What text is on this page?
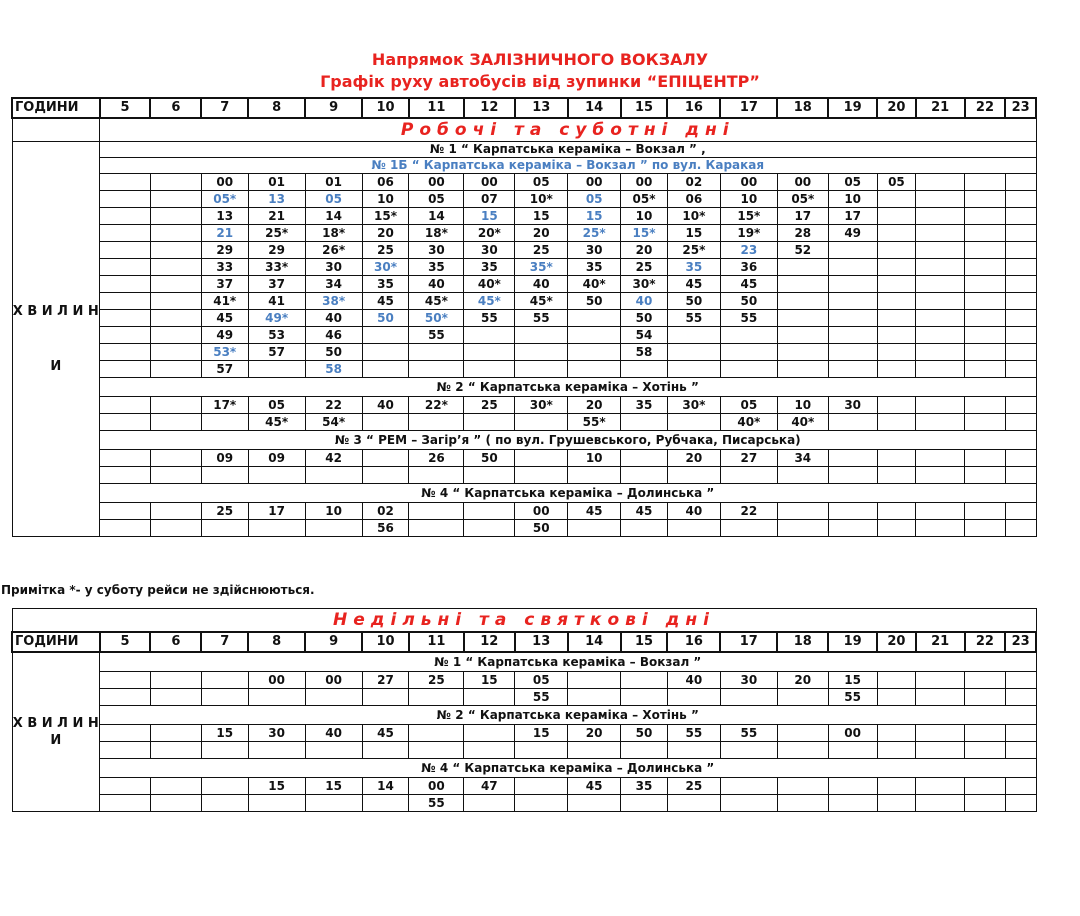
Напрямок ЗАЛІЗНИЧНОГО ВОКЗАЛУ
Графік руху автобусів від зупинки “ЕПІЦЕНТР”
ГОДИНИ	5	6	7	8	9	10	11	12	13	14	15	16	17	18	19	20	21	22	23
	Робочі та суботні дні																		
Х В И Л И Н И	№ 1 “ Карпатська кераміка – Вокзал ” ,																		
	№ 1Б “ Карпатська кераміка – Вокзал ” по вул. Каракая																		
			00	01	01	06	00	00	05	00	00	02	00	00	05	05			
			05*	13	05	10	05	07	10*	05	05*	06	10	05*	10				
			13	21	14	15*	14	15	15	15	10	10*	15*	17	17				
			21	25*	18*	20	18*	20*	20	25*	15*	15	19*	28	49				
			29	29	26*	25	30	30	25	30	20	25*	23	52					
			33	33*	30	30*	35	35	35*	35	25	35	36						
			37	37	34	35	40	40*	40	40*	30*	45	45						
			41*	41	38*	45	45*	45*	45*	50	40	50	50						
			45	49*	40	50	50*	55	55		50	55	55						
			49	53	46		55				54								
			53*	57	50						58								
			57		58														
	№ 2 “ Карпатська кераміка – Хотінь ”																		
			17*	05	22	40	22*	25	30*	20	35	30*	05	10	30				
				45*	54*					55*			40*	40*					
	№ 3 “ РЕМ – Загір’я ” ( по вул. Грушевського, Рубчака, Писарська)																		
			09	09	42		26	50		10		20	27	34					

	№ 4 “ Карпатська кераміка – Долинська ”																		
			25	17	10	02			00	45	45	40	22						
						56			50										
Примітка *- у суботу рейси не здійснюються.
Недільні та святкові дні																			
ГОДИНИ	5	6	7	8	9	10	11	12	13	14	15	16	17	18	19	20	21	22	23
Х В И Л И Н И	№ 1 “ Карпатська кераміка – Вокзал ”																		
				00	00	27	25	15	05			40	30	20	15				
									55						55				
	№ 2 “ Карпатська кераміка – Хотінь ”																		
			15	30	40	45			15	20	50	55	55		00				

	№ 4 “ Карпатська кераміка – Долинська ”																		
				15	15	14	00	47		45	35	25							
							55												
